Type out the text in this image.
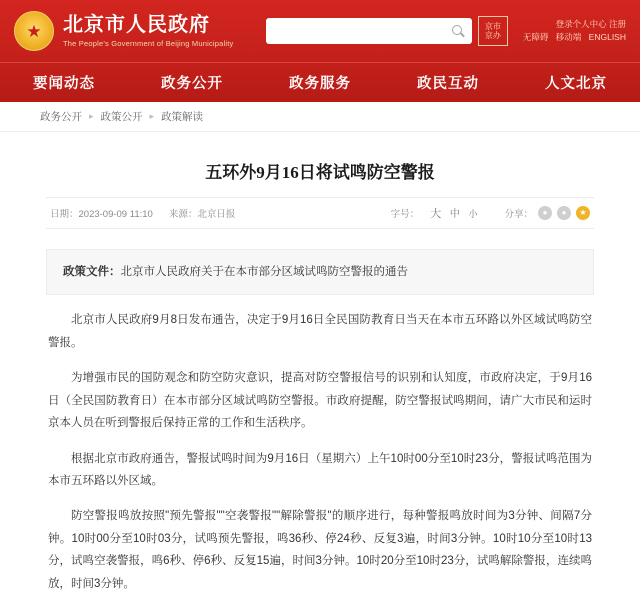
★ 北京市人民政府
The People's Government of Beijing Municipality
京市
京办
登录个人中心 注册
无障碍 移动端 ENGLISH
要闻动态	政务公开	政务服务	政民互动	人文北京
政务公开 ▸ 政策公开 ▸ 政策解读
五环外9月16日将试鸣防空警报
日期：2023-09-09 11:10 来源：北京日报	字号：	大 中 小	分享：	●	●	★
政策文件：北京市人民政府关于在本市部分区域试鸣防空警报的通告

北京市人民政府9月8日发布通告，决定于9月16日全民国防教育日当天在本市五环路以外区域试鸣防空警报。

为增强市民的国防观念和防空防灾意识，提高对防空警报信号的识别和认知度，市政府决定，于9月16日（全民国防教育日）在本市部分区域试鸣防空警报。市政府提醒，防空警报试鸣期间，请广大市民和运时京本人员在听到警报后保持正常的工作和生活秩序。

根据北京市政府通告，警报试鸣时间为9月16日（星期六）上午10时00分至10时23分，警报试鸣范围为本市五环路以外区域。

防空警报鸣放按照"预先警报""空袭警报""解除警报"的顺序进行，每种警报鸣放时间为3分钟、间隔7分钟。10时00分至10时03分，试鸣预先警报，鸣36秒、停24秒、反复3遍，时间3分钟。10时10分至10时13分，试鸣空袭警报，鸣6秒、停6秒、反复15遍，时间3分钟。10时20分至10时23分，试鸣解除警报，连续鸣放，时间3分钟。
